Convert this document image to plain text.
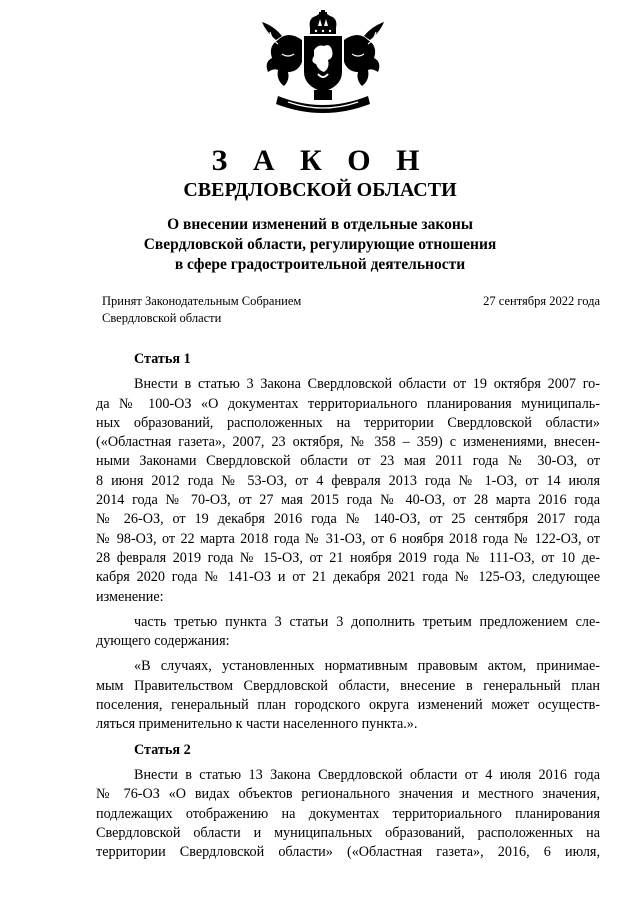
З А К О Н
СВЕРДЛОВСКОЙ ОБЛАСТИ
О внесении изменений в отдельные законы
Свердловской области, регулирующие отношения
в сфере градостроительной деятельности
Принят Законодательным Собранием
Свердловской области
27 сентября 2022 года
Статья 1
Внести в статью 3 Закона Свердловской области от 19 октября 2007 го-
да № 100-ОЗ «О документах территориального планирования муниципаль-
ных образований, расположенных на территории Свердловской области»
(«Областная газета», 2007, 23 октября, № 358 – 359) с изменениями, внесен-
ными Законами Свердловской области от 23 мая 2011 года № 30-ОЗ, от
8 июня 2012 года № 53-ОЗ, от 4 февраля 2013 года № 1-ОЗ, от 14 июля
2014 года № 70-ОЗ, от 27 мая 2015 года № 40-ОЗ, от 28 марта 2016 года
№ 26-ОЗ, от 19 декабря 2016 года № 140-ОЗ, от 25 сентября 2017 года
№ 98-ОЗ, от 22 марта 2018 года № 31-ОЗ, от 6 ноября 2018 года № 122-ОЗ, от
28 февраля 2019 года № 15-ОЗ, от 21 ноября 2019 года № 111-ОЗ, от 10 де-
кабря 2020 года № 141-ОЗ и от 21 декабря 2021 года № 125-ОЗ, следующее
изменение:
часть третью пункта 3 статьи 3 дополнить третьим предложением сле-
дующего содержания:
«В случаях, установленных нормативным правовым актом, принимае-
мым Правительством Свердловской области, внесение в генеральный план
поселения, генеральный план городского округа изменений может осуществ-
ляться применительно к части населенного пункта.».
Статья 2
Внести в статью 13 Закона Свердловской области от 4 июля 2016 года
№ 76-ОЗ «О видах объектов регионального значения и местного значения,
подлежащих отображению на документах территориального планирования
Свердловской области и муниципальных образований, расположенных на
территории Свердловской области» («Областная газета», 2016, 6 июля,
